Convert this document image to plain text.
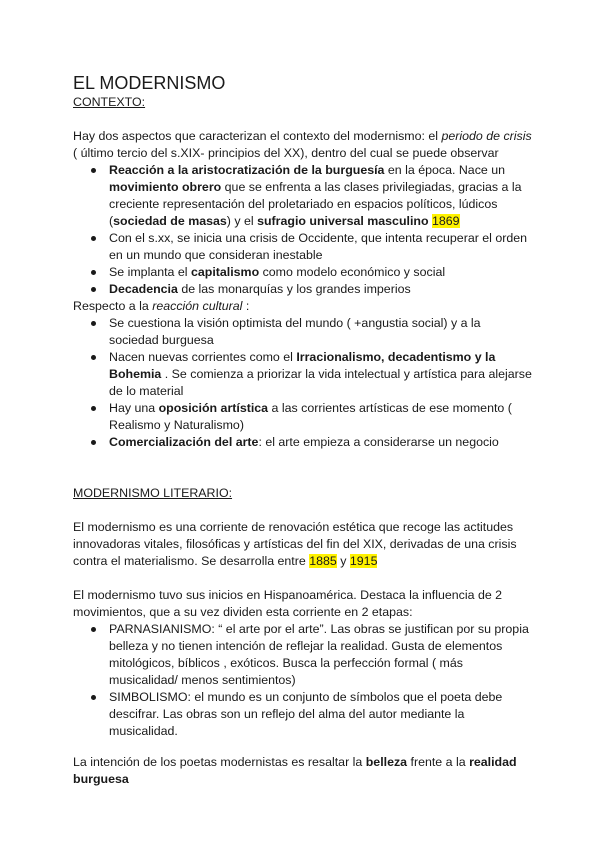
EL MODERNISMO

CONTEXTO:

Hay dos aspectos que caracterizan el contexto del modernismo: el periodo de crisis ( último tercio del s.XIX- principios del XX), dentro del cual se puede observar

Reacción a la aristocratización de la burguesía en la época. Nace un movimiento obrero que se enfrenta a las clases privilegiadas, gracias a la creciente representación del proletariado en espacios políticos, lúdicos (sociedad de masas) y el sufragio universal masculino 1869
Con el s.xx, se inicia una crisis de Occidente, que intenta recuperar el orden en un mundo que consideran inestable
Se implanta el capitalismo como modelo económico y social
Decadencia de las monarquías y los grandes imperios

Respecto a la reacción cultural :

Se cuestiona la visión optimista del mundo ( +angustia social) y a la sociedad burguesa
Nacen nuevas corrientes como el Irracionalismo, decadentismo y la Bohemia . Se comienza a priorizar la vida intelectual y artística para alejarse de lo material
Hay una oposición artística a las corrientes artísticas de ese momento ( Realismo y Naturalismo)
Comercialización del arte: el arte empieza a considerarse un negocio

MODERNISMO LITERARIO:

El modernismo es una corriente de renovación estética que recoge las actitudes innovadoras vitales, filosóficas y artísticas del fin del XIX, derivadas de una crisis contra el materialismo. Se desarrolla entre 1885 y 1915

El modernismo tuvo sus inicios en Hispanoamérica. Destaca la influencia de 2 movimientos, que a su vez dividen esta corriente en 2 etapas:

PARNASIANISMO: “ el arte por el arte”. Las obras se justifican por su propia belleza y no tienen intención de reflejar la realidad. Gusta de elementos mitológicos, bíblicos , exóticos. Busca la perfección formal ( más musicalidad/ menos sentimientos)
SIMBOLISMO: el mundo es un conjunto de símbolos que el poeta debe descifrar. Las obras son un reflejo del alma del autor mediante la musicalidad.

La intención de los poetas modernistas es resaltar la belleza frente a la realidad burguesa
